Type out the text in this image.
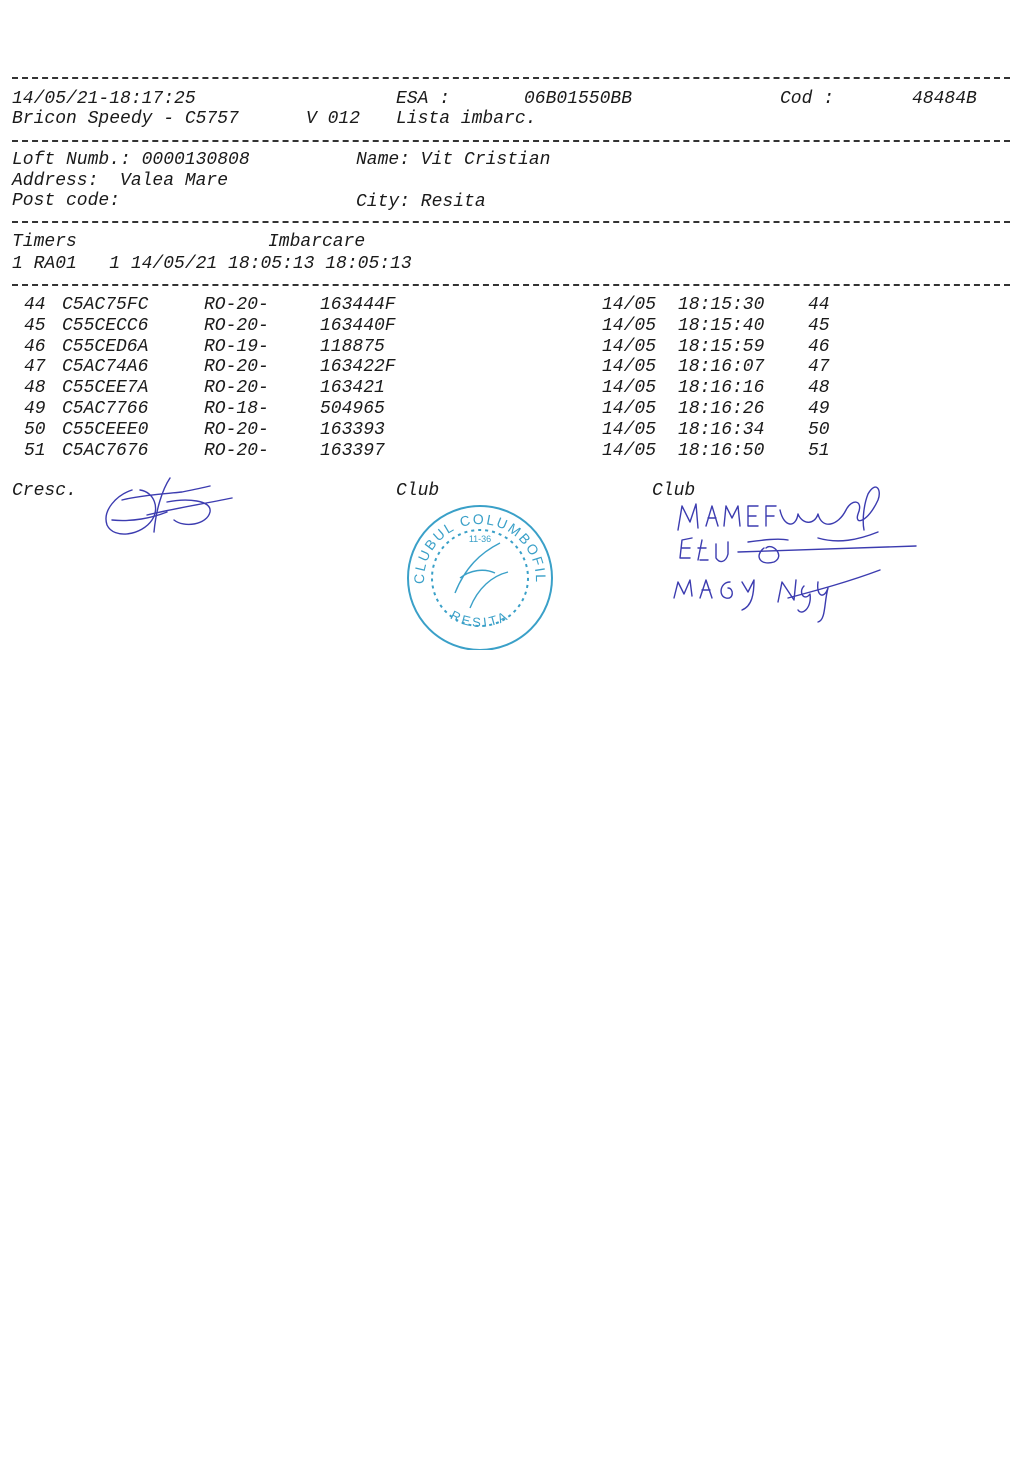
14/05/21-18:17:25	ESA :	06B01550BB	Cod :	48484B
Bricon Speedy - C5757	V 012 Lista imbarc.
Loft Numb.: 0000130808	Name: Vit Cristian
Address:  Valea Mare
Post code:	City: Resita
Timers	Imbarcare
1 RA01   1 14/05/21 18:05:13 18:05:13
44 C5AC75FC	RO-20-	163444F	14/05 18:15:30 44
45 C55CECC6	RO-20-	163440F	14/05 18:15:40 45
46 C55CED6A	RO-19-	118875	14/05 18:15:59 46
47 C5AC74A6	RO-20-	163422F	14/05 18:16:07 47
48 C55CEE7A	RO-20-	163421	14/05 18:16:16 48
49 C5AC7766	RO-18-	504965	14/05 18:16:26 49
50 C55CEEE0	RO-20-	163393	14/05 18:16:34 50
51 C5AC7676	RO-20-	163397	14/05 18:16:50 51
Cresc.	Club	Club
CLUBUL COLUMBOFIL
RESITA
11-36
